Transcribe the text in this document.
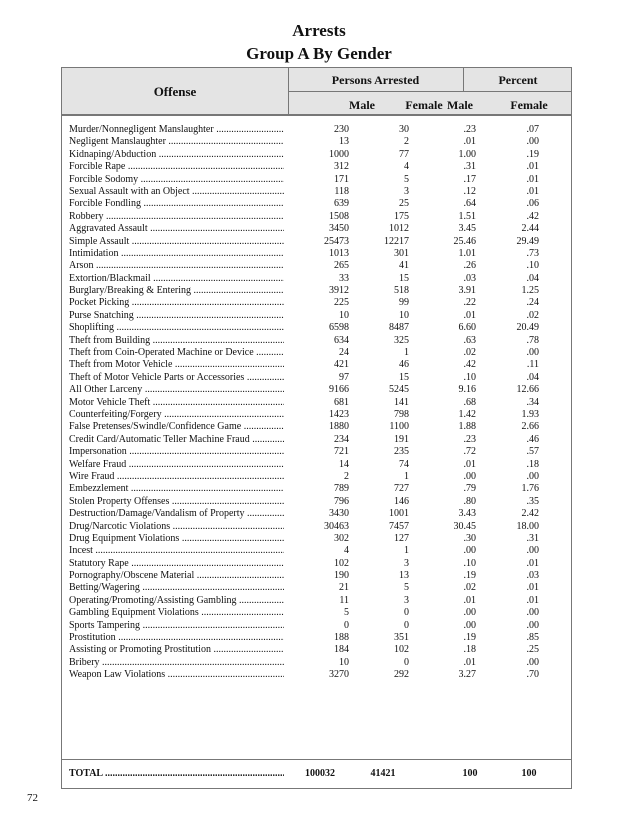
Arrests
Group A By Gender
Offense
Persons Arrested	Percent
Male	Female Male	Female
Murder/Nonnegligent Manslaughter .....	230	30	.23	.07
Negligent Manslaughter .....	13	2	.01	.00
Kidnaping/Abduction .....	1000	77	1.00	.19
Forcible Rape .....	312	4	.31	.01
Forcible Sodomy .....	171	5	.17	.01
Sexual Assault with an Object .....	118	3	.12	.01
Forcible Fondling .....	639	25	.64	.06
Robbery .....	1508	175	1.51	.42
Aggravated Assault .....	3450	1012	3.45	2.44
Simple Assault .....	25473	12217	25.46	29.49
Intimidation .....	1013	301	1.01	.73
Arson .....	265	41	.26	.10
Extortion/Blackmail .....	33	15	.03	.04
Burglary/Breaking & Entering .....	3912	518	3.91	1.25
Pocket Picking .....	225	99	.22	.24
Purse Snatching .....	10	10	.01	.02
Shoplifting .....	6598	8487	6.60	20.49
Theft from Building .....	634	325	.63	.78
Theft from Coin-Operated Machine or Device .....	24	1	.02	.00
Theft from Motor Vehicle .....	421	46	.42	.11
Theft of Motor Vehicle Parts or Accessories .....	97	15	.10	.04
All Other Larceny .....	9166	5245	9.16	12.66
Motor Vehicle Theft .....	681	141	.68	.34
Counterfeiting/Forgery .....	1423	798	1.42	1.93
False Pretenses/Swindle/Confidence Game .....	1880	1100	1.88	2.66
Credit Card/Automatic Teller Machine Fraud .....	234	191	.23	.46
Impersonation .....	721	235	.72	.57
Welfare Fraud .....	14	74	.01	.18
Wire Fraud .....	2	1	.00	.00
Embezzlement .....	789	727	.79	1.76
Stolen Property Offenses .....	796	146	.80	.35
Destruction/Damage/Vandalism of Property .....	3430	1001	3.43	2.42
Drug/Narcotic Violations .....	30463	7457	30.45	18.00
Drug Equipment Violations .....	302	127	.30	.31
Incest .....	4	1	.00	.00
Statutory Rape .....	102	3	.10	.01
Pornography/Obscene Material .....	190	13	.19	.03
Betting/Wagering .....	21	5	.02	.01
Operating/Promoting/Assisting Gambling .....	11	3	.01	.01
Gambling Equipment Violations .....	5	0	.00	.00
Sports Tampering .....	0	0	.00	.00
Prostitution .....	188	351	.19	.85
Assisting or Promoting Prostitution .....	184	102	.18	.25
Bribery .....	10	0	.01	.00
Weapon Law Violations .....	3270	292	3.27	.70
TOTAL .....	100032	41421	100	100
72
